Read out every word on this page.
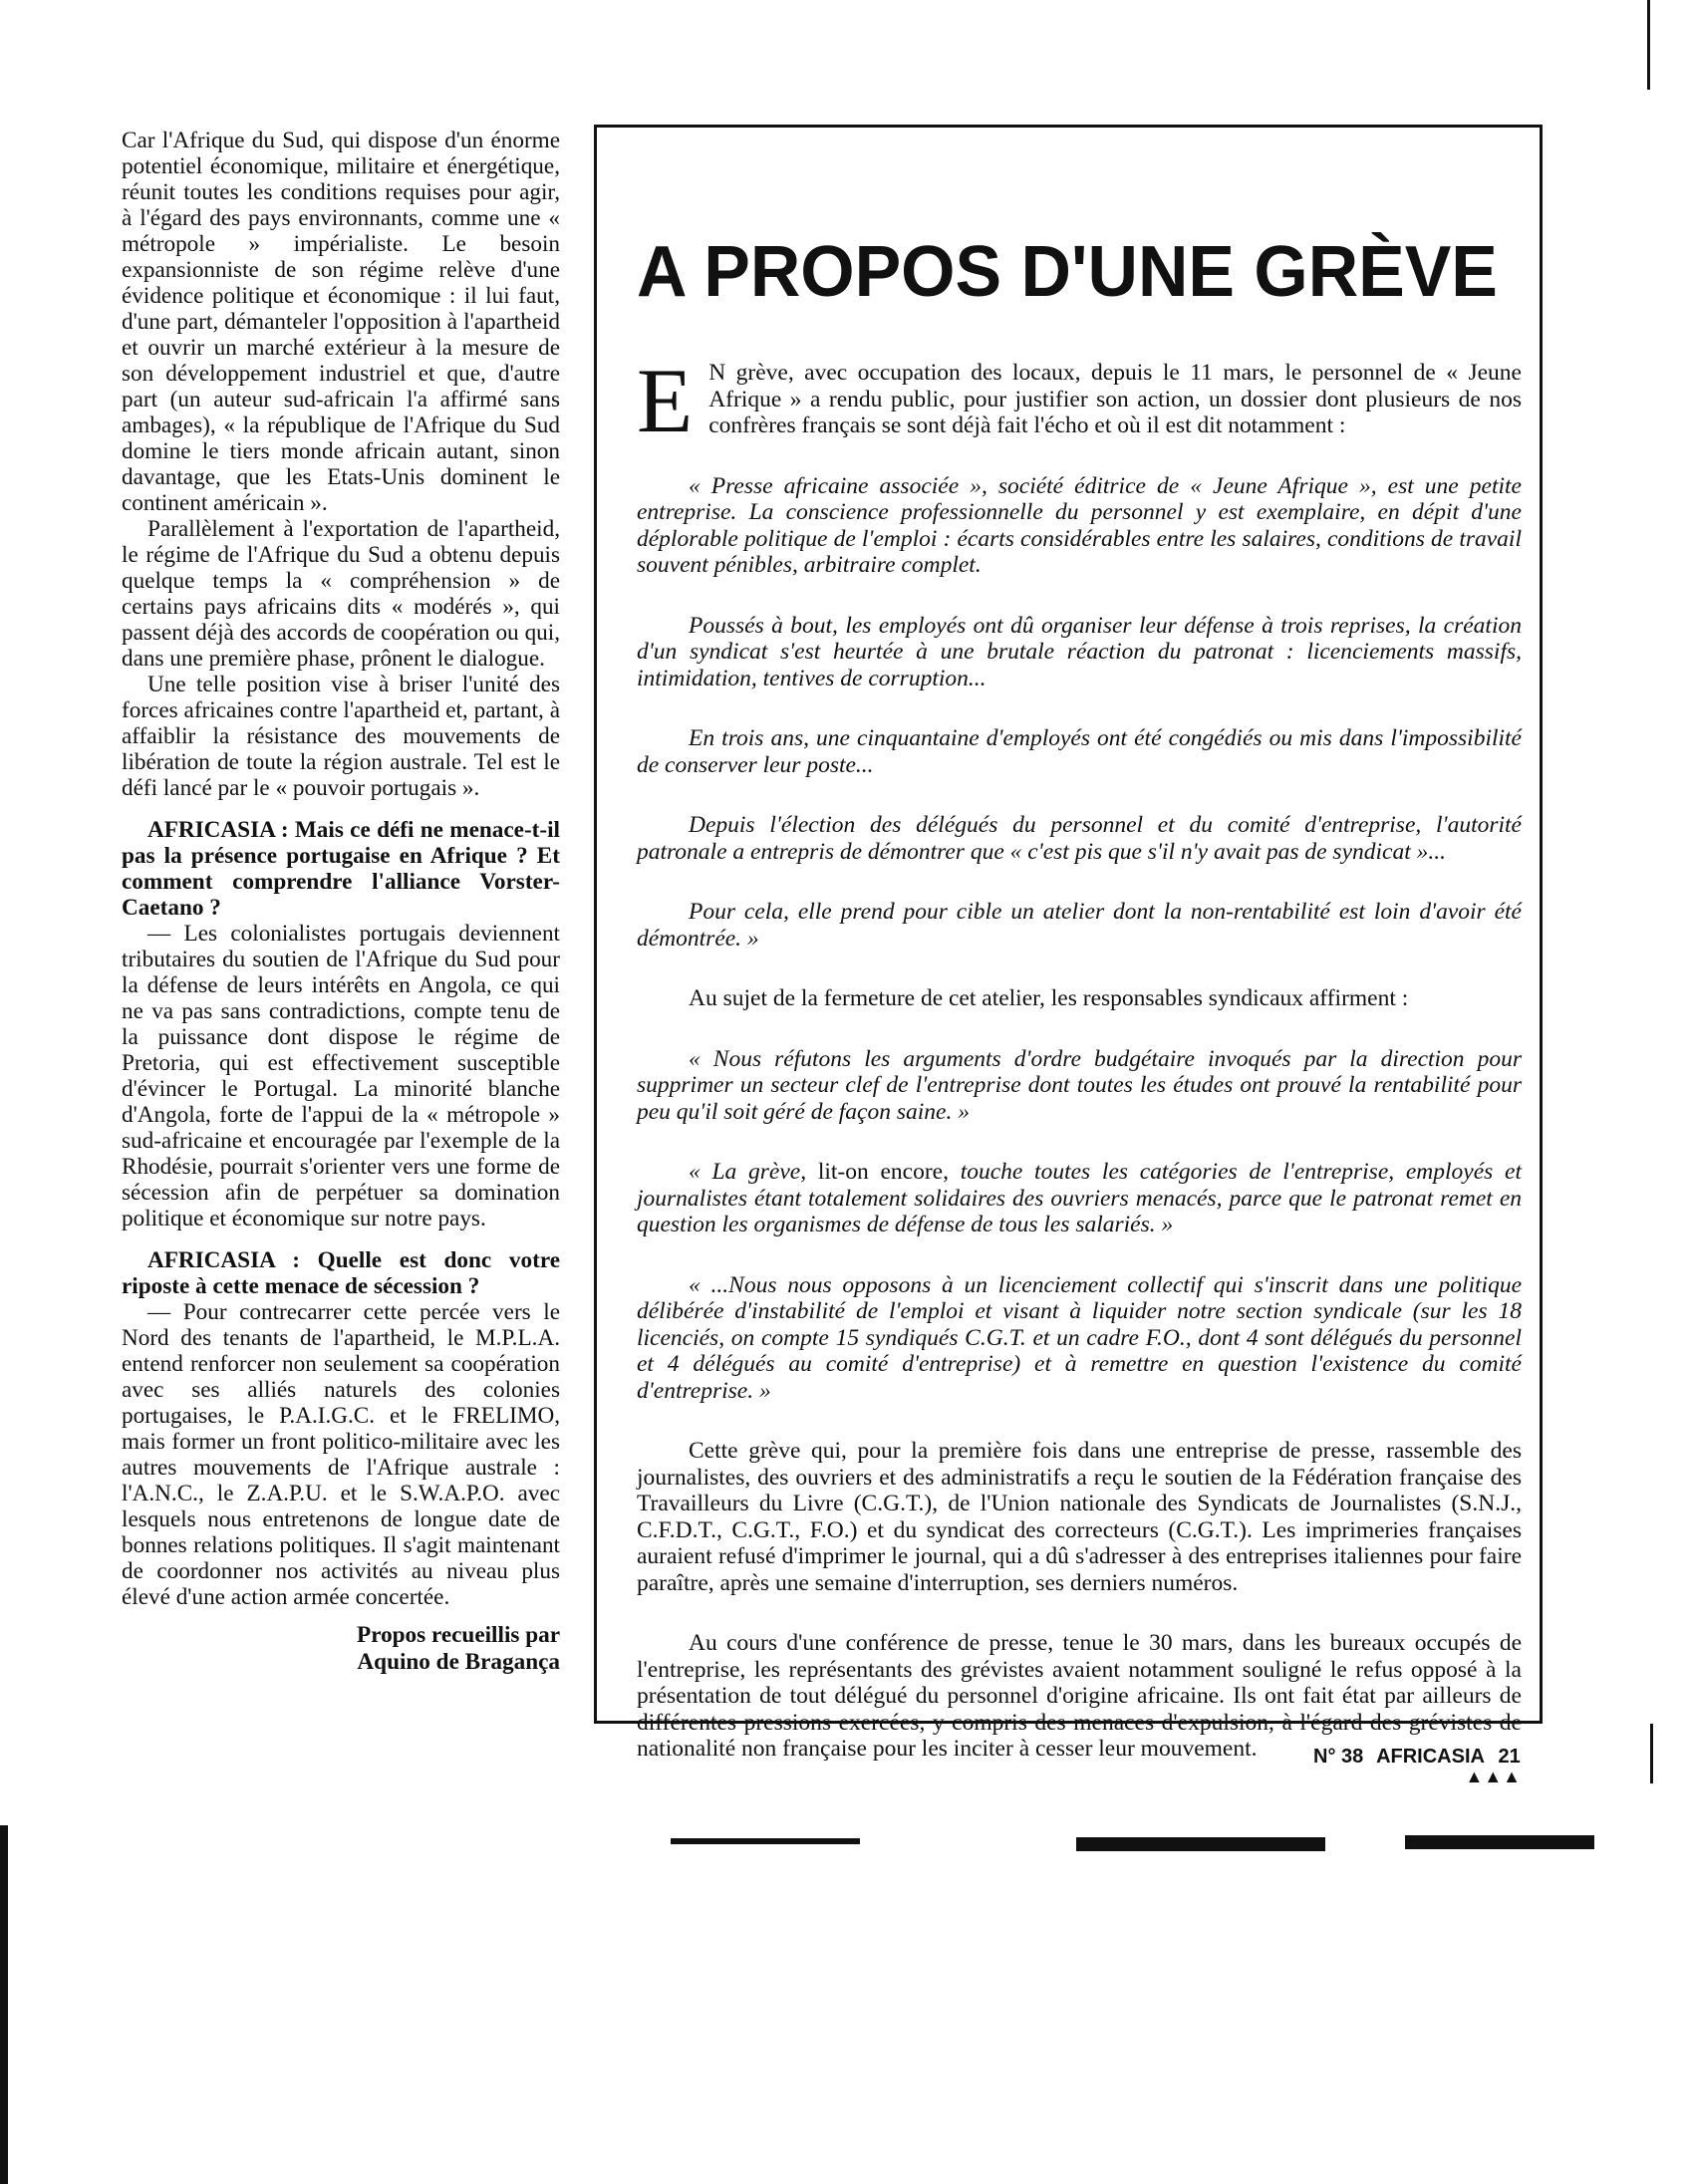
Car l'Afrique du Sud, qui dispose d'un énorme potentiel économique, militaire et énergétique, réunit toutes les conditions requises pour agir, à l'égard des pays environnants, comme une « métropole » impérialiste. Le besoin expansionniste de son régime relève d'une évidence politique et économique : il lui faut, d'une part, démanteler l'opposition à l'apartheid et ouvrir un marché extérieur à la mesure de son développement industriel et que, d'autre part (un auteur sud-africain l'a affirmé sans ambages), « la république de l'Afrique du Sud domine le tiers monde africain autant, sinon davantage, que les Etats-Unis dominent le continent américain ».

Parallèlement à l'exportation de l'apartheid, le régime de l'Afrique du Sud a obtenu depuis quelque temps la « compréhension » de certains pays africains dits « modérés », qui passent déjà des accords de coopération ou qui, dans une première phase, prônent le dialogue.

Une telle position vise à briser l'unité des forces africaines contre l'apartheid et, partant, à affaiblir la résistance des mouvements de libération de toute la région australe. Tel est le défi lancé par le « pouvoir portugais ».

AFRICASIA : Mais ce défi ne menace-t-il pas la présence portugaise en Afrique ? Et comment comprendre l'alliance Vorster-Caetano ?

— Les colonialistes portugais deviennent tributaires du soutien de l'Afrique du Sud pour la défense de leurs intérêts en Angola, ce qui ne va pas sans contradictions, compte tenu de la puissance dont dispose le régime de Pretoria, qui est effectivement susceptible d'évincer le Portugal. La minorité blanche d'Angola, forte de l'appui de la « métropole » sud-africaine et encouragée par l'exemple de la Rhodésie, pourrait s'orienter vers une forme de sécession afin de perpétuer sa domination politique et économique sur notre pays.

AFRICASIA : Quelle est donc votre riposte à cette menace de sécession ?

— Pour contrecarrer cette percée vers le Nord des tenants de l'apartheid, le M.P.L.A. entend renforcer non seulement sa coopération avec ses alliés naturels des colonies portugaises, le P.A.I.G.C. et le FRELIMO, mais former un front politico-militaire avec les autres mouvements de l'Afrique australe : l'A.N.C., le Z.A.P.U. et le S.W.A.P.O. avec lesquels nous entretenons de longue date de bonnes relations politiques. Il s'agit maintenant de coordonner nos activités au niveau plus élevé d'une action armée concertée.

Propos recueillis par
Aquino de Bragança
A PROPOS D'UNE GRÈVE

E N grève, avec occupation des locaux, depuis le 11 mars, le personnel de « Jeune Afrique » a rendu public, pour justifier son action, un dossier dont plusieurs de nos confrères français se sont déjà fait l'écho et où il est dit notamment :

« Presse africaine associée », société éditrice de « Jeune Afrique », est une petite entreprise. La conscience professionnelle du personnel y est exemplaire, en dépit d'une déplorable politique de l'emploi : écarts considérables entre les salaires, conditions de travail souvent pénibles, arbitraire complet.

Poussés à bout, les employés ont dû organiser leur défense à trois reprises, la création d'un syndicat s'est heurtée à une brutale réaction du patronat : licenciements massifs, intimidation, tentives de corruption...

En trois ans, une cinquantaine d'employés ont été congédiés ou mis dans l'impossibilité de conserver leur poste...

Depuis l'élection des délégués du personnel et du comité d'entreprise, l'autorité patronale a entrepris de démontrer que « c'est pis que s'il n'y avait pas de syndicat »...

Pour cela, elle prend pour cible un atelier dont la non-rentabilité est loin d'avoir été démontrée. »

Au sujet de la fermeture de cet atelier, les responsables syndicaux affirment :

« Nous réfutons les arguments d'ordre budgétaire invoqués par la direction pour supprimer un secteur clef de l'entreprise dont toutes les études ont prouvé la rentabilité pour peu qu'il soit géré de façon saine. »

« La grève, lit-on encore, touche toutes les catégories de l'entreprise, employés et journalistes étant totalement solidaires des ouvriers menacés, parce que le patronat remet en question les organismes de défense de tous les salariés. »

« ...Nous nous opposons à un licenciement collectif qui s'inscrit dans une politique délibérée d'instabilité de l'emploi et visant à liquider notre section syndicale (sur les 18 licenciés, on compte 15 syndiqués C.G.T. et un cadre F.O., dont 4 sont délégués du personnel et 4 délégués au comité d'entreprise) et à remettre en question l'existence du comité d'entreprise. »

Cette grève qui, pour la première fois dans une entreprise de presse, rassemble des journalistes, des ouvriers et des administratifs a reçu le soutien de la Fédération française des Travailleurs du Livre (C.G.T.), de l'Union nationale des Syndicats de Journalistes (S.N.J., C.F.D.T., C.G.T., F.O.) et du syndicat des correcteurs (C.G.T.). Les imprimeries françaises auraient refusé d'imprimer le journal, qui a dû s'adresser à des entreprises italiennes pour faire paraître, après une semaine d'interruption, ses derniers numéros.

Au cours d'une conférence de presse, tenue le 30 mars, dans les bureaux occupés de l'entreprise, les représentants des grévistes avaient notamment souligné le refus opposé à la présentation de tout délégué du personnel d'origine africaine. Ils ont fait état par ailleurs de différentes pressions exercées, y compris des menaces d'expulsion, à l'égard des grévistes de nationalité non française pour les inciter à cesser leur mouvement.

▲▲▲
N° 38 AFRICASIA 21
